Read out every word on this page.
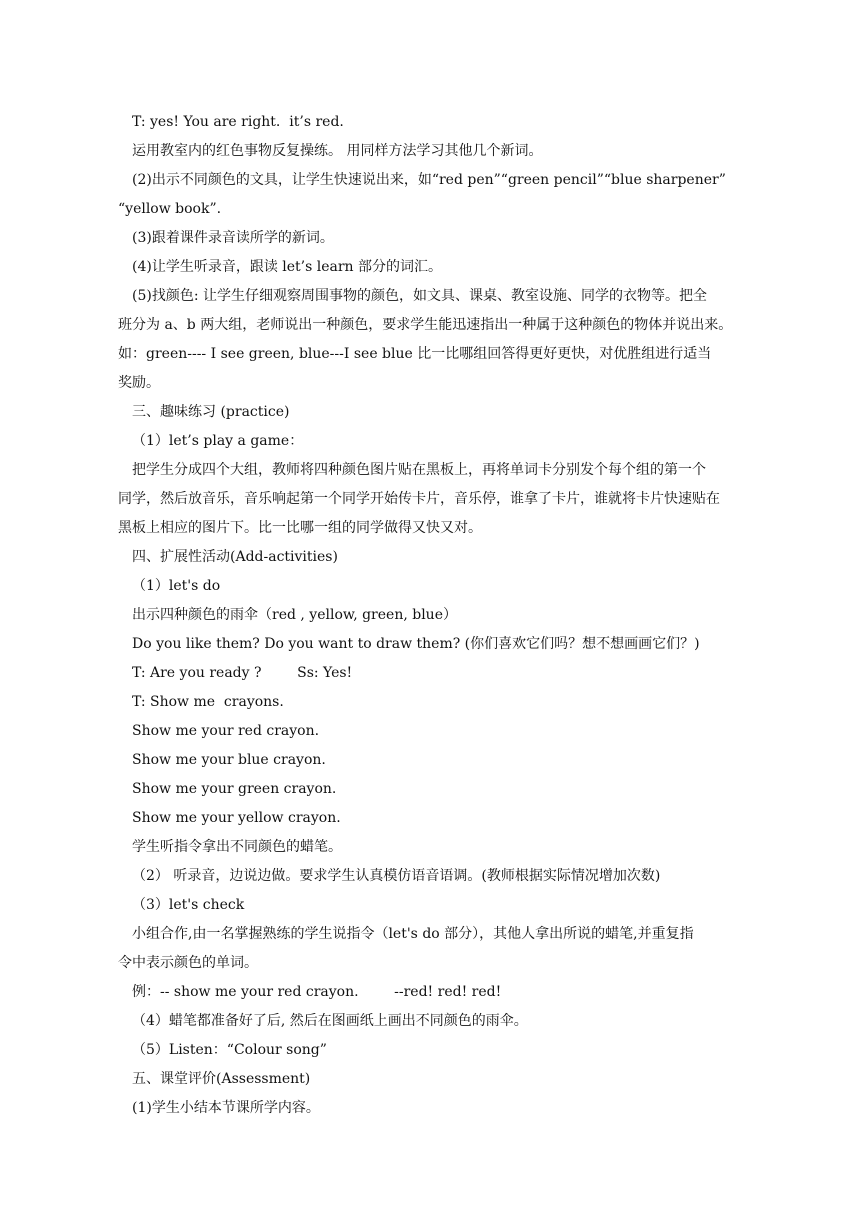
T: yes! You are right.  it’s red.
运用教室内的红色事物反复操练。 用同样方法学习其他几个新词。
(2)出示不同颜色的文具，让学生快速说出来，如“red pen”“green pencil”“blue sharpener”
“yellow book”.
(3)跟着课件录音读所学的新词。
(4)让学生听录音，跟读 let’s learn 部分的词汇。
(5)找颜色: 让学生仔细观察周围事物的颜色，如文具、课桌、教室设施、同学的衣物等。把全
班分为 a、b 两大组，老师说出一种颜色，要求学生能迅速指出一种属于这种颜色的物体并说出来。
如：green---- I see green, blue---I see blue 比一比哪组回答得更好更快，对优胜组进行适当
奖励。
三、趣味练习 (practice)
（1）let’s play a game：
把学生分成四个大组，教师将四种颜色图片贴在黑板上，再将单词卡分别发个每个组的第一个
同学，然后放音乐，音乐响起第一个同学开始传卡片，音乐停，谁拿了卡片，谁就将卡片快速贴在
黑板上相应的图片下。比一比哪一组的同学做得又快又对。
四、扩展性活动(Add-activities)
（1）let's do
出示四种颜色的雨伞（red , yellow, green, blue）
Do you like them? Do you want to draw them? (你们喜欢它们吗？想不想画画它们？)
T: Are you ready ?        Ss: Yes!
T: Show me  crayons.
Show me your red crayon.
Show me your blue crayon.
Show me your green crayon.
Show me your yellow crayon.
学生听指令拿出不同颜色的蜡笔。
（2） 听录音，边说边做。要求学生认真模仿语音语调。(教师根据实际情况增加次数)
（3）let's check
小组合作,由一名掌握熟练的学生说指令（let's do 部分），其他人拿出所说的蜡笔,并重复指
令中表示颜色的单词。
例：-- show me your red crayon.        --red! red! red!
（4）蜡笔都准备好了后, 然后在图画纸上画出不同颜色的雨伞。
（5）Listen：“Colour song”
五、课堂评价(Assessment)
(1)学生小结本节课所学内容。
